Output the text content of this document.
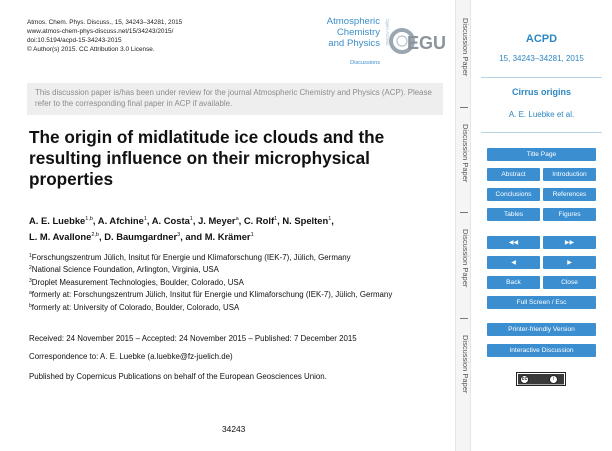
Atmos. Chem. Phys. Discuss., 15, 34243–34281, 2015
www.atmos-chem-phys-discuss.net/15/34243/2015/
doi:10.5194/acpd-15-34243-2015
© Author(s) 2015. CC Attribution 3.0 License.
Atmospheric
Chemistry
and Physics
Discussions
Open Access EGU
This discussion paper is/has been under review for the journal Atmospheric Chemistry and Physics (ACP). Please refer to the corresponding final paper in ACP if available.
The origin of midlatitude ice clouds and the resulting influence on their microphysical properties
A. E. Luebke$^{1,b}$, A. Afchine$^1$, A. Costa$^1$, J. Meyer$^a$, C. Rolf$^1$, N. Spelten$^1$,
L. M. Avallone$^{2,b}$, D. Baumgardner$^3$, and M. Krämer$^1$
$^1$Forschungszentrum Jülich, Insitut für Energie und Klimaforschung (IEK-7), Jülich, Germany
$^2$National Science Foundation, Arlington, Virginia, USA
$^3$Droplet Measurement Technologies, Boulder, Colorado, USA
$^a$formerly at: Forschungszentrum Jülich, Insitut für Energie und Klimaforschung (IEK-7), Jülich, Germany
$^b$formerly at: University of Colorado, Boulder, Colorado, USA
Received: 24 November 2015 – Accepted: 24 November 2015 – Published: 7 December 2015
Correspondence to: A. E. Luebke (a.luebke@fz-juelich.de)
Published by Copernicus Publications on behalf of the European Geosciences Union.
34243
Discussion Paper
Discussion Paper
Discussion Paper
Discussion Paper
ACPD
15, 34243–34281, 2015
Cirrus origins
A. E. Luebke et al.
Title Page
Abstract	Introduction
Conclusions	References
Tables	Figures
◀◀	▶▶
◀	▶
Back	Close
Full Screen / Esc
Printer-friendly Version
Interactive Discussion
cc	i
